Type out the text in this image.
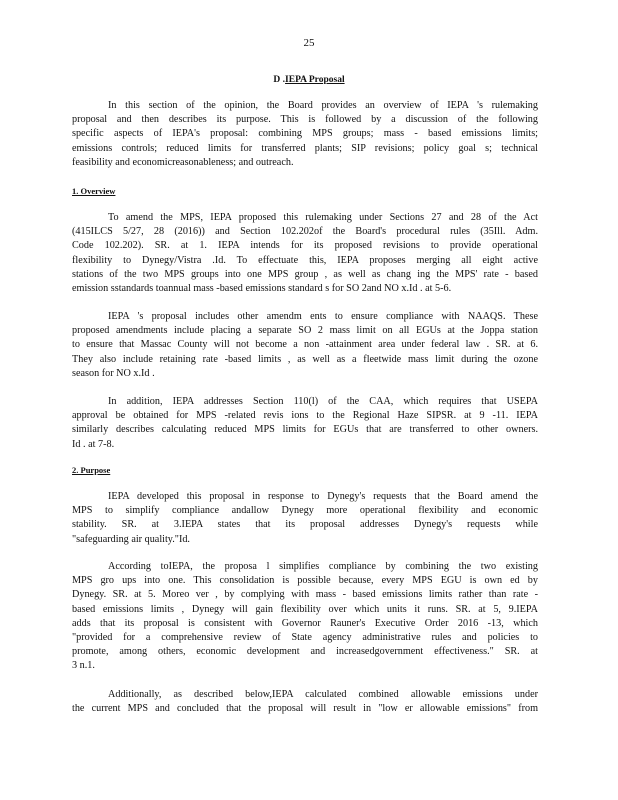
25
D .IEPA Proposal
In this section of the opinion, the Board provides an overview of IEPA 's rulemaking
proposal and then describes its purpose. This is followed by a discussion of the following
specific aspects of IEPA's proposal: combining MPS groups; mass - based emissions limits;
emissions controls; reduced limits for transferred plants; SIP revisions; policy goal s; technical
feasibility and economicreasonableness; and outreach.
1. Overview
To amend the MPS, IEPA proposed this rulemaking under Sections 27 and 28 of the Act
(415ILCS 5/27, 28 (2016)) and Section 102.202of the Board's procedural rules (35Ill. Adm.
Code 102.202). SR. at 1. IEPA intends for its proposed revisions to provide operational
flexibility to Dynegy/Vistra .Id. To effectuate this, IEPA proposes merging all eight active
stations of the two MPS groups into one MPS group , as well as chang ing the MPS' rate - based
emission sstandards toannual mass -based emissions standard s for SO 2and NO x.Id . at 5-6.
IEPA 's proposal includes other amendm ents to ensure compliance with NAAQS. These
proposed amendments include placing a separate SO 2 mass limit on all EGUs at the Joppa station
to ensure that Massac County will not become a non -attainment area under federal law . SR. at 6.
They also include retaining rate -based limits , as well as a fleetwide mass limit during the ozone
season for NO x.Id .
In addition, IEPA addresses Section 110(l) of the CAA, which requires that USEPA
approval be obtained for MPS -related revis ions to the Regional Haze SIPSR. at 9 -11. IEPA
similarly describes calculating reduced MPS limits for EGUs that are transferred to other owners.
Id . at 7-8.
2. Purpose
IEPA developed this proposal in response to Dynegy's requests that the Board amend the
MPS to simplify compliance andallow Dynegy more operational flexibility and economic
stability. SR. at 3.IEPA states that its proposal addresses Dynegy's requests while
"safeguarding air quality."Id.
According toIEPA, the proposa l simplifies compliance by combining the two existing
MPS gro ups into one. This consolidation is possible because, every MPS EGU is own ed by
Dynegy. SR. at 5. Moreo ver , by complying with mass - based emissions limits rather than rate -
based emissions limits , Dynegy will gain flexibility over which units it runs. SR. at 5, 9.IEPA
adds that its proposal is consistent with Governor Rauner's Executive Order 2016 -13, which
"provided for a comprehensive review of State agency administrative rules and policies to
promote, among others, economic development and increasedgovernment effectiveness." SR. at
3 n.1.
Additionally, as described below,IEPA calculated combined allowable emissions under
the current MPS and concluded that the proposal will result in "low er allowable emissions" from
